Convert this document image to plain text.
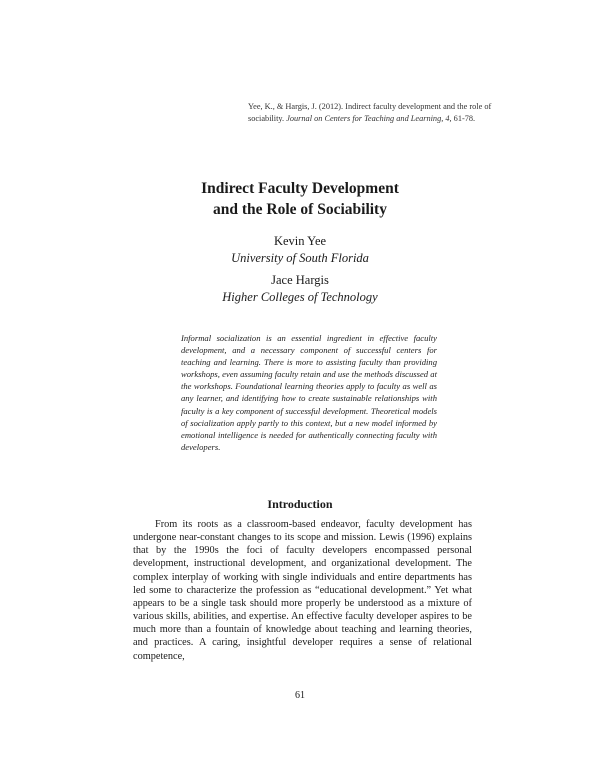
Yee, K., & Hargis, J. (2012). Indirect faculty development and the role of sociability. Journal on Centers for Teaching and Learning, 4, 61-78.
Indirect Faculty Development
and the Role of Sociability
Kevin Yee
University of South Florida
Jace Hargis
Higher Colleges of Technology
Informal socialization is an essential ingredient in effective faculty development, and a necessary component of successful centers for teaching and learning. There is more to assisting faculty than providing workshops, even assuming faculty retain and use the methods discussed at the workshops. Foundational learning theories apply to faculty as well as any learner, and identifying how to create sustainable relationships with faculty is a key component of successful development. Theoretical models of socialization apply partly to this context, but a new model informed by emotional intelligence is needed for authentically connecting faculty with developers.
Introduction

From its roots as a classroom-based endeavor, faculty development has undergone near-constant changes to its scope and mission. Lewis (1996) explains that by the 1990s the foci of faculty developers encompassed personal development, instructional development, and organizational development. The complex interplay of working with single individuals and entire departments has led some to characterize the profession as “educational development.” Yet what appears to be a single task should more properly be understood as a mixture of various skills, abilities, and expertise. An effective faculty developer aspires to be much more than a fountain of knowledge about teaching and learning theories, and practices. A caring, insightful developer requires a sense of relational competence,

61
